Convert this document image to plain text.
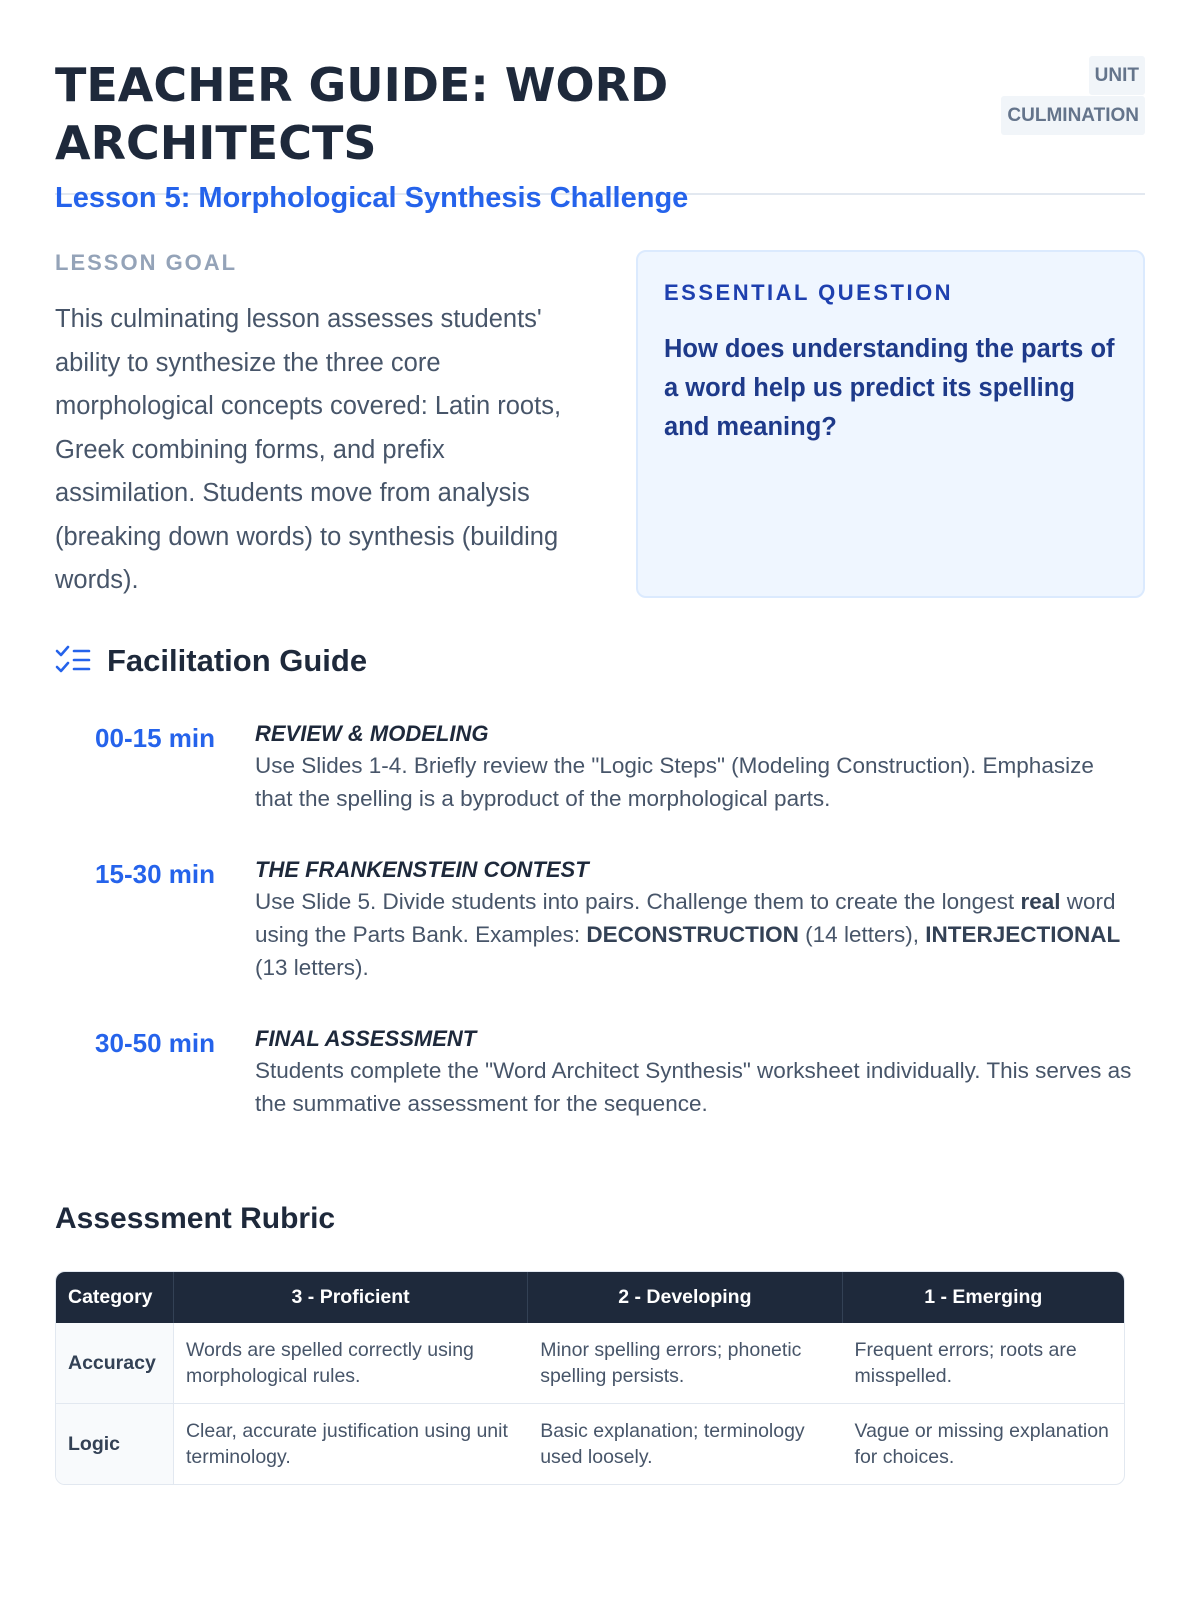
TEACHER GUIDE: WORD ARCHITECTS

Lesson 5: Morphological Synthesis Challenge

UNIT CULMINATION

LESSON GOAL

This culminating lesson assesses students' ability to synthesize the three core morphological concepts covered: Latin roots, Greek combining forms, and prefix assimilation. Students move from analysis (breaking down words) to synthesis (building words).

ESSENTIAL QUESTION

How does understanding the parts of a word help us predict its spelling and meaning?

Facilitation Guide
00-15 min REVIEW & MODELING
Use Slides 1-4. Briefly review the "Logic Steps" (Modeling Construction). Emphasize that the spelling is a byproduct of the morphological parts.
15-30 min THE FRANKENSTEIN CONTEST
Use Slide 5. Divide students into pairs. Challenge them to create the longest real word using the Parts Bank. Examples: DECONSTRUCTION (14 letters), INTERJECTIONAL (13 letters).
30-50 min FINAL ASSESSMENT
Students complete the "Word Architect Synthesis" worksheet individually. This serves as the summative assessment for the sequence.
Assessment Rubric
Category	3 - Proficient	2 - Developing	1 - Emerging
Accuracy	Words are spelled correctly using morphological rules.	Minor spelling errors; phonetic spelling persists.	Frequent errors; roots are misspelled.
Logic	Clear, accurate justification using unit terminology.	Basic explanation; terminology used loosely.	Vague or missing explanation for choices.
